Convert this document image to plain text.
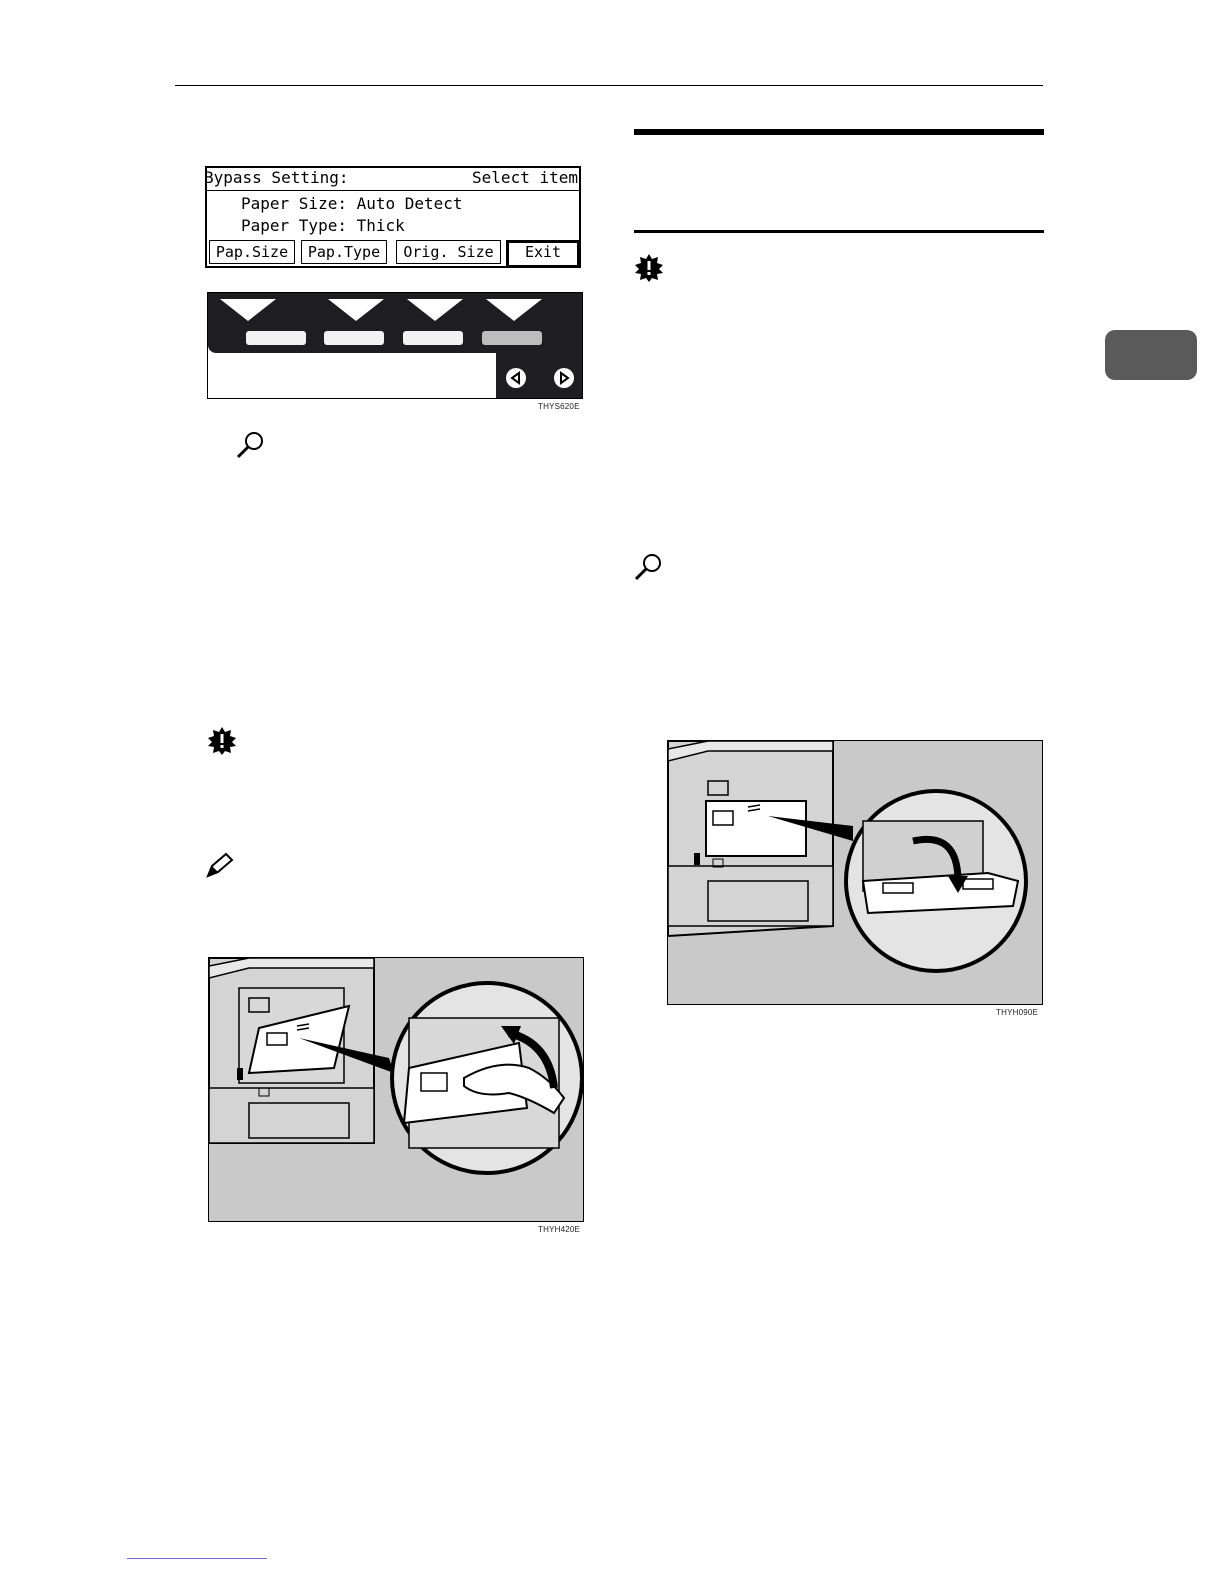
Bypass Setting:	Select item
Paper Size: Auto Detect
Paper Type: Thick
Pap.Size	Pap.Type	Orig. Size	Exit
THYS620E
THYH420E
THYH090E
